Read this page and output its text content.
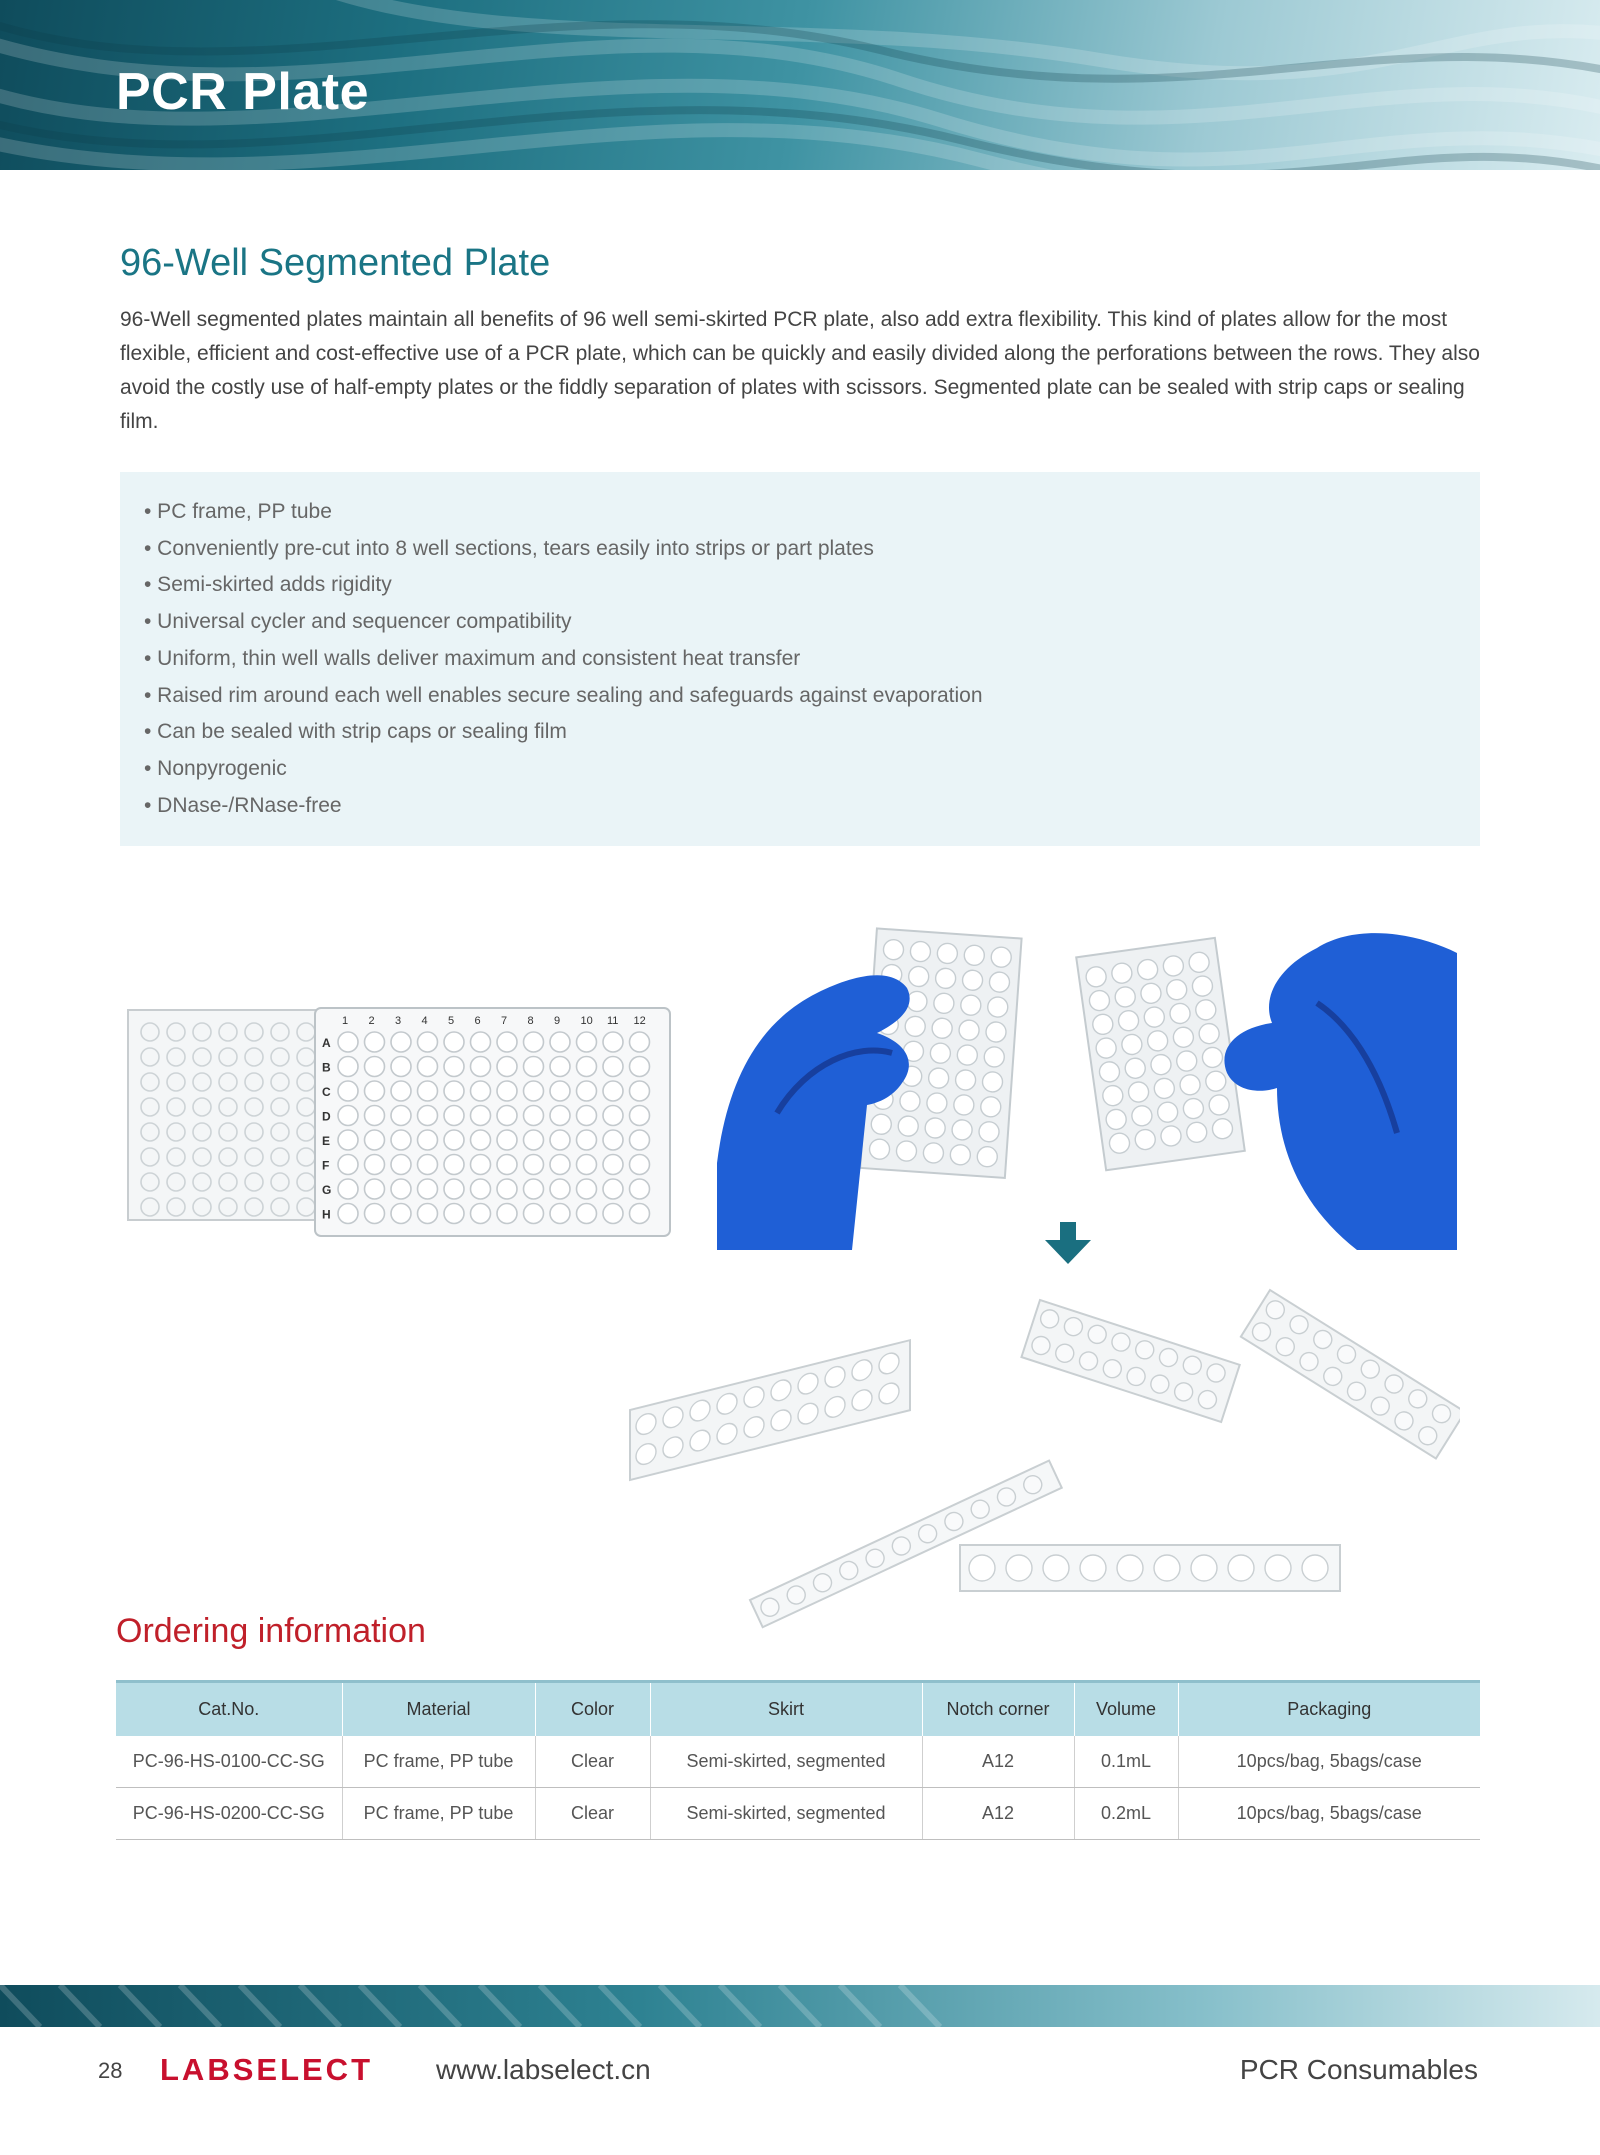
PCR Plate
96-Well Segmented Plate
96-Well segmented plates maintain all benefits of 96 well semi-skirted PCR plate, also add extra flexibility. This kind of plates allow for the most flexible, efficient and cost-effective use of a PCR plate, which can be quickly and easily divided along the perforations between the rows. They also avoid the costly use of half-empty plates or the fiddly separation of plates with scissors. Segmented plate can be sealed with strip caps or sealing film.
• PC frame, PP tube
• Conveniently pre-cut into 8 well sections, tears easily into strips or part plates
• Semi-skirted adds rigidity
• Universal cycler and sequencer compatibility
• Uniform, thin well walls deliver maximum and consistent heat transfer
• Raised rim around each well enables secure sealing and safeguards against evaporation
• Can be sealed with strip caps or sealing film
• Nonpyrogenic
• DNase-/RNase-free
1 2 3 4 5 6 7 8 9 10 11 12
A
B
C
D
E
F
G
H
Ordering information
Cat.No.	Material	Color	Skirt	Notch corner	Volume	Packaging
PC-96-HS-0100-CC-SG	PC frame, PP tube	Clear	Semi-skirted, segmented	A12	0.1mL	10pcs/bag, 5bags/case
PC-96-HS-0200-CC-SG	PC frame, PP tube	Clear	Semi-skirted, segmented	A12	0.2mL	10pcs/bag, 5bags/case
28 LABSELECT www.labselect.cn	PCR Consumables
